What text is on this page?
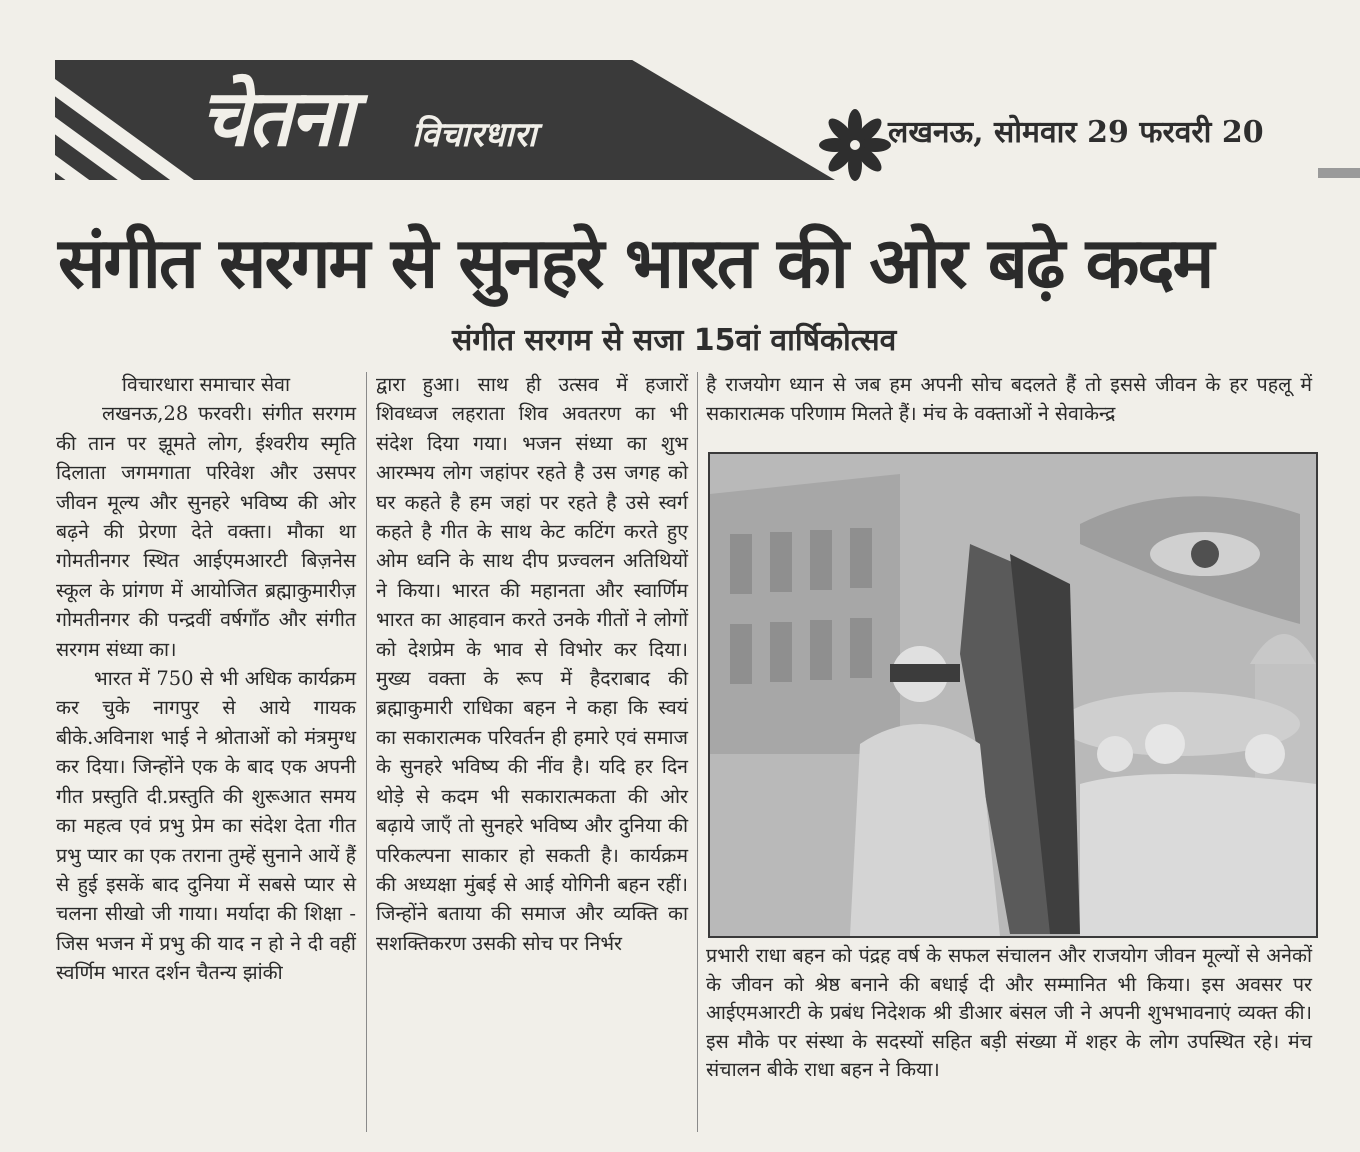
चेतना विचारधारा	लखनऊ, सोमवार 29 फरवरी 20
संगीत सरगम से सुनहरे भारत की ओर बढ़े कदम
संगीत सरगम से सजा 15वां वार्षिकोत्सव

विचारधारा समाचार सेवा

लखनऊ,28 फरवरी। संगीत सरगम की तान पर झूमते लोग, ईश्वरीय स्मृति दिलाता जगमगाता परिवेश और उसपर जीवन मूल्य और सुनहरे भविष्य की ओर बढ़ने की प्रेरणा देते वक्ता। मौका था गोमतीनगर स्थित आईएमआरटी बिज़नेस स्कूल के प्रांगण में आयोजित ब्रह्माकुमारीज़ गोमतीनगर की पन्द्रवीं वर्षगाँठ और संगीत सरगम संध्या का।

भारत में 750 से भी अधिक कार्यक्रम कर चुके नागपुर से आये गायक बीके.अविनाश भाई ने श्रोताओं को मंत्रमुग्ध कर दिया। जिन्होंने एक के बाद एक अपनी गीत प्रस्तुति दी.प्रस्तुति की शुरूआत समय का महत्व एवं प्रभु प्रेम का संदेश देता गीत प्रभु प्यार का एक तराना तुम्हें सुनाने आयें हैं से हुई इसकें बाद दुनिया में सबसे प्यार से चलना सीखो जी गाया। मर्यादा की शिक्षा - जिस भजन में प्रभु की याद न हो ने दी वहीं स्वर्णिम भारत दर्शन चैतन्य झांकी

द्वारा हुआ। साथ ही उत्सव में हजारों शिवध्वज लहराता शिव अवतरण का भी संदेश दिया गया। भजन संध्या का शुभ आरम्भय लोग जहांपर रहते है उस जगह को घर कहते है हम जहां पर रहते है उसे स्वर्ग कहते है गीत के साथ केट कटिंग करते हुए ओम ध्वनि के साथ दीप प्रज्वलन अतिथियों ने किया। भारत की महानता और स्वार्णिम भारत का आहवान करते उनके गीतों ने लोगों को देशप्रेम के भाव से विभोर कर दिया। मुख्य वक्ता के रूप में हैदराबाद की ब्रह्माकुमारी राधिका बहन ने कहा कि स्वयं का सकारात्मक परिवर्तन ही हमारे एवं समाज के सुनहरे भविष्य की नींव है। यदि हर दिन थोड़े से कदम भी सकारात्मकता की ओर बढ़ाये जाएँ तो सुनहरे भविष्य और दुनिया की परिकल्पना साकार हो सकती है। कार्यक्रम की अध्यक्षा मुंबई से आई योगिनी बहन रहीं। जिन्होंने बताया की समाज और व्यक्ति का सशक्तिकरण उसकी सोच पर निर्भर

है राजयोग ध्यान से जब हम अपनी सोच बदलते हैं तो इससे जीवन के हर पहलू में सकारात्मक परिणाम मिलते हैं। मंच के वक्ताओं ने सेवाकेन्द्र

प्रभारी राधा बहन को पंद्रह वर्ष के सफल संचालन और राजयोग जीवन मूल्यों से अनेकों के जीवन को श्रेष्ठ बनाने की बधाई दी और सम्मानित भी किया। इस अवसर पर आईएमआरटी के प्रबंध निदेशक श्री डीआर बंसल जी ने अपनी शुभभावनाएं व्यक्त की। इस मौके पर संस्था के सदस्यों सहित बड़ी संख्या में शहर के लोग उपस्थित रहे। मंच संचालन बीके राधा बहन ने किया।
